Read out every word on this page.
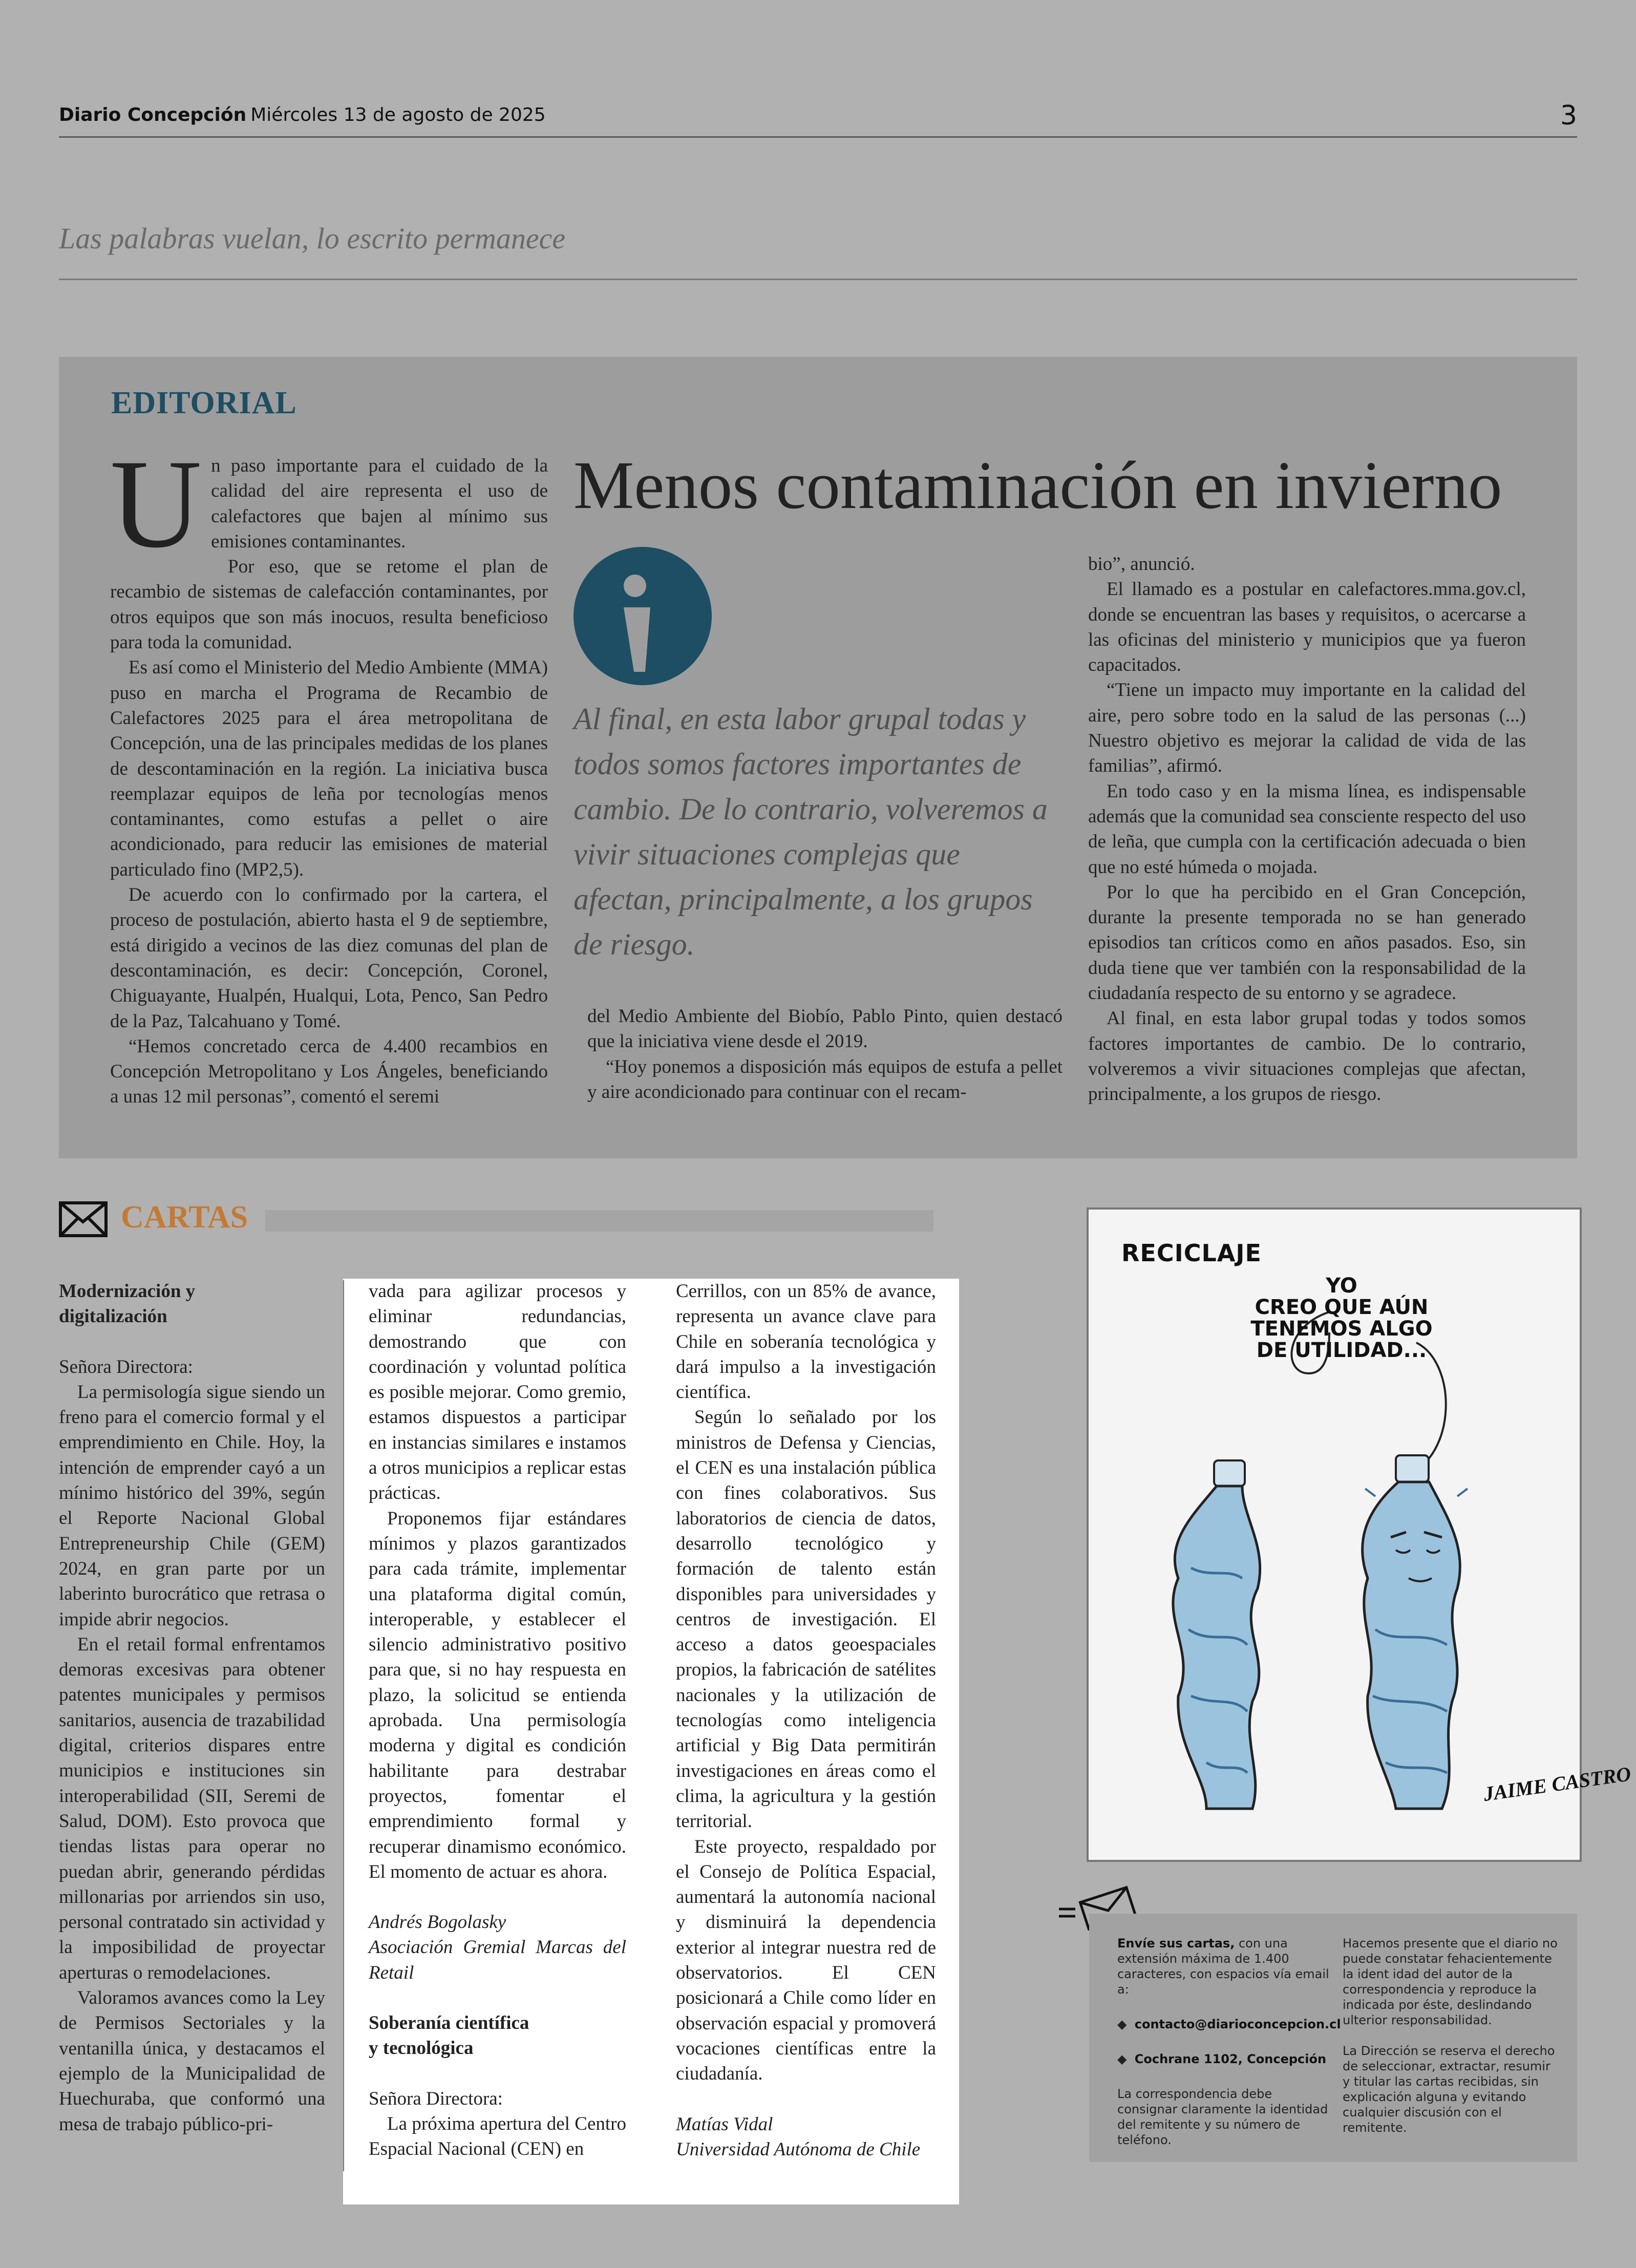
Diario Concepción Miércoles 13 de agosto de 2025	3
Las palabras vuelan, lo escrito permanece
EDITORIAL
U n paso importante para el cuidado de la calidad del aire representa el uso de calefactores que bajen al mínimo sus emisiones contaminantes.

Por eso, que se retome el plan de recambio de sistemas de calefacción contaminantes, por otros equipos que son más inocuos, resulta beneficioso para toda la comunidad.

Es así como el Ministerio del Medio Ambiente (MMA) puso en marcha el Programa de Recambio de Calefactores 2025 para el área metropolitana de Concepción, una de las principales medidas de los planes de descontaminación en la región. La iniciativa busca reemplazar equipos de leña por tecnologías menos contaminantes, como estufas a pellet o aire acondicionado, para reducir las emisiones de material particulado fino (MP2,5).

De acuerdo con lo confirmado por la cartera, el proceso de postulación, abierto hasta el 9 de septiembre, está dirigido a vecinos de las diez comunas del plan de descontaminación, es decir: Concepción, Coronel, Chiguayante, Hualpén, Hualqui, Lota, Penco, San Pedro de la Paz, Talcahuano y Tomé.

“Hemos concretado cerca de 4.400 recambios en Concepción Metropolitano y Los Ángeles, beneficiando a unas 12 mil personas”, comentó el seremi

Menos contaminación en invierno
Al final, en esta labor grupal todas y todos somos factores importantes de cambio. De lo contrario, volveremos a vivir situaciones complejas que afectan, principalmente, a los grupos de riesgo.

del Medio Ambiente del Biobío, Pablo Pinto, quien destacó que la iniciativa viene desde el 2019.

“Hoy ponemos a disposición más equipos de estufa a pellet y aire acondicionado para continuar con el recam-

bio”, anunció.

El llamado es a postular en calefactores.mma.gov.cl, donde se encuentran las bases y requisitos, o acercarse a las oficinas del ministerio y municipios que ya fueron capacitados.

“Tiene un impacto muy importante en la calidad del aire, pero sobre todo en la salud de las personas (...) Nuestro objetivo es mejorar la calidad de vida de las familias”, afirmó.

En todo caso y en la misma línea, es indispensable además que la comunidad sea consciente respecto del uso de leña, que cumpla con la certificación adecuada o bien que no esté húmeda o mojada.

Por lo que ha percibido en el Gran Concepción, durante la presente temporada no se han generado episodios tan críticos como en años pasados. Eso, sin duda tiene que ver también con la responsabilidad de la ciudadanía respecto de su entorno y se agradece.

Al final, en esta labor grupal todas y todos somos factores importantes de cambio. De lo contrario, volveremos a vivir situaciones complejas que afectan, principalmente, a los grupos de riesgo.

CARTAS
Modernización y
digitalización

Señora Directora:

La permisología sigue siendo un freno para el comercio formal y el emprendimiento en Chile. Hoy, la intención de emprender cayó a un mínimo histórico del 39%, según el Reporte Nacional Global Entrepreneurship Chile (GEM) 2024, en gran parte por un laberinto burocrático que retrasa o impide abrir negocios.

En el retail formal enfrentamos demoras excesivas para obtener patentes municipales y permisos sanitarios, ausencia de trazabilidad digital, criterios dispares entre municipios e instituciones sin interoperabilidad (SII, Seremi de Salud, DOM). Esto provoca que tiendas listas para operar no puedan abrir, generando pérdidas millonarias por arriendos sin uso, personal contratado sin actividad y la imposibilidad de proyectar aperturas o remodelaciones.

Valoramos avances como la Ley de Permisos Sectoriales y la ventanilla única, y destacamos el ejemplo de la Municipalidad de Huechuraba, que conformó una mesa de trabajo público-pri-

vada para agilizar procesos y eliminar redundancias, demostrando que con coordinación y voluntad política es posible mejorar. Como gremio, estamos dispuestos a participar en instancias similares e instamos a otros municipios a replicar estas prácticas.

Proponemos fijar estándares mínimos y plazos garantizados para cada trámite, implementar una plataforma digital común, interoperable, y establecer el silencio administrativo positivo para que, si no hay respuesta en plazo, la solicitud se entienda aprobada. Una permisología moderna y digital es condición habilitante para destrabar proyectos, fomentar el emprendimiento formal y recuperar dinamismo económico. El momento de actuar es ahora.

Andrés Bogolasky

Asociación Gremial Marcas del Retail

Soberanía científica
y tecnológica

Señora Directora:

La próxima apertura del Centro Espacial Nacional (CEN) en

Cerrillos, con un 85% de avance, representa un avance clave para Chile en soberanía tecnológica y dará impulso a la investigación científica.

Según lo señalado por los ministros de Defensa y Ciencias, el CEN es una instalación pública con fines colaborativos. Sus laboratorios de ciencia de datos, desarrollo tecnológico y formación de talento están disponibles para universidades y centros de investigación. El acceso a datos geoespaciales propios, la fabricación de satélites nacionales y la utilización de tecnologías como inteligencia artificial y Big Data permitirán investigaciones en áreas como el clima, la agricultura y la gestión territorial.

Este proyecto, respaldado por el Consejo de Política Espacial, aumentará la autonomía nacional y disminuirá la dependencia exterior al integrar nuestra red de observatorios. El CEN posicionará a Chile como líder en observación espacial y promoverá vocaciones científicas entre la ciudadanía.

Matías Vidal

Universidad Autónoma de Chile

RECICLAJE
YO
CREO QUE AÚN
TENEMOS ALGO
DE UTILIDAD...
JAIME CASTRO
Envíe sus cartas, con una extensión máxima de 1.400 caracteres, con espacios vía email a:
◆ contacto@diarioconcepcion.cl
◆ Cochrane 1102, Concepción
La correspondencia debe consignar claramente la identidad del remitente y su número de teléfono.
Hacemos presente que el diario no puede constatar fehacientemente la ident idad del autor de la correspondencia y reproduce la indicada por éste, deslindando ulterior responsabilidad.
La Dirección se reserva el derecho de seleccionar, extractar, resumir y titular las cartas recibidas, sin explicación alguna y evitando cualquier discusión con el remitente.
